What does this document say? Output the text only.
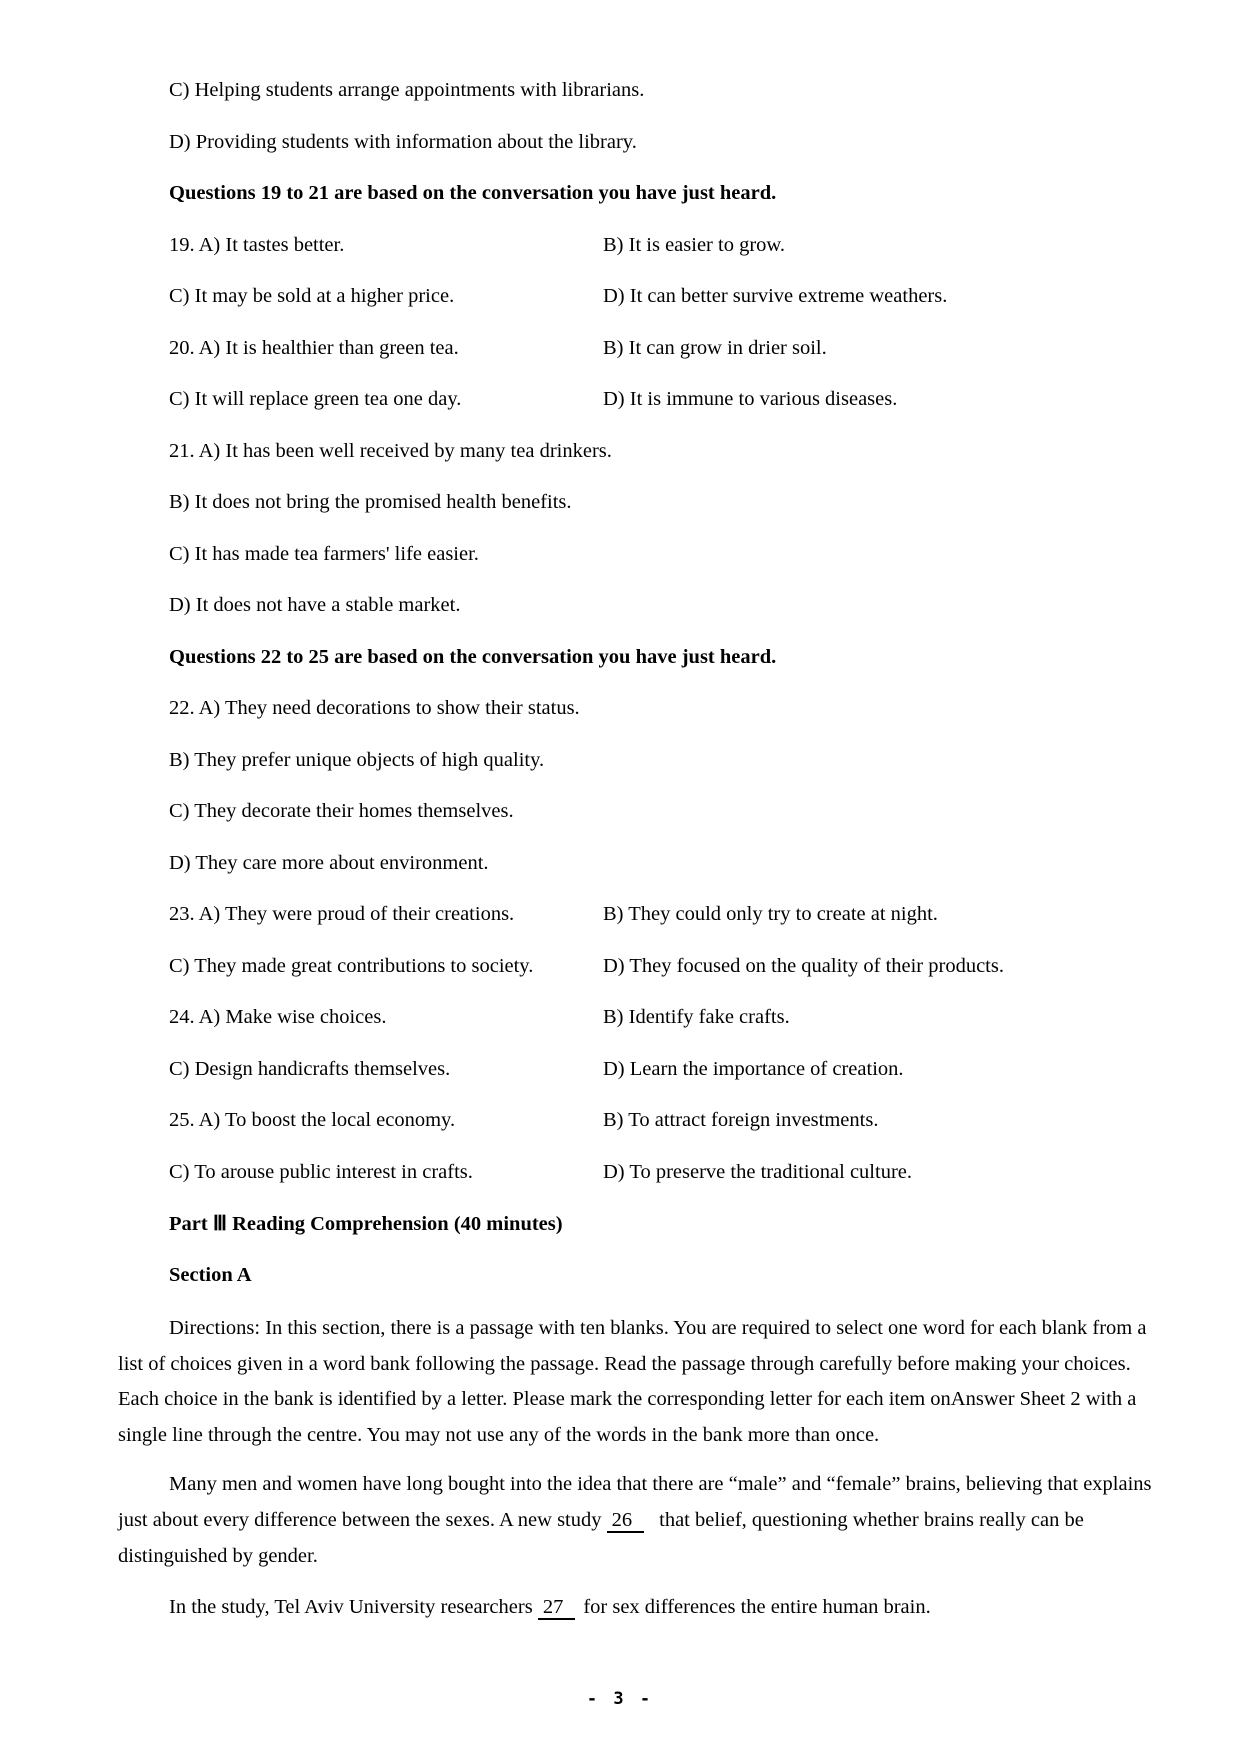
C) Helping students arrange appointments with librarians.
D) Providing students with information about the library.
Questions 19 to 21 are based on the conversation you have just heard.
19. A) It tastes better.	B) It is easier to grow.
C) It may be sold at a higher price.	D) It can better survive extreme weathers.
20. A) It is healthier than green tea.	B) It can grow in drier soil.
C) It will replace green tea one day.	D) It is immune to various diseases.
21. A) It has been well received by many tea drinkers.
B) It does not bring the promised health benefits.
C) It has made tea farmers' life easier.
D) It does not have a stable market.
Questions 22 to 25 are based on the conversation you have just heard.
22. A) They need decorations to show their status.
B) They prefer unique objects of high quality.
C) They decorate their homes themselves.
D) They care more about environment.
23. A) They were proud of their creations.	B) They could only try to create at night.
C) They made great contributions to society.	D) They focused on the quality of their products.
24. A) Make wise choices.	B) Identify fake crafts.
C) Design handicrafts themselves.	D) Learn the importance of creation.
25. A) To boost the local economy.	B) To attract foreign investments.
C) To arouse public interest in crafts.	D) To preserve the traditional culture.
Part Ⅲ Reading Comprehension (40 minutes)
Section A

Directions: In this section, there is a passage with ten blanks. You are required to select one word for each blank from a list of choices given in a word bank following the passage. Read the passage through carefully before making your choices. Each choice in the bank is identified by a letter. Please mark the corresponding letter for each item onAnswer Sheet 2 with a single line through the centre. You may not use any of the words in the bank more than once.

Many men and women have long bought into the idea that there are “male” and “female” brains, believing that explains just about every difference between the sexes. A new study 26 that belief, questioning whether brains really can be distinguished by gender.

In the study, Tel Aviv University researchers 27 for sex differences the entire human brain.

- 3 -
